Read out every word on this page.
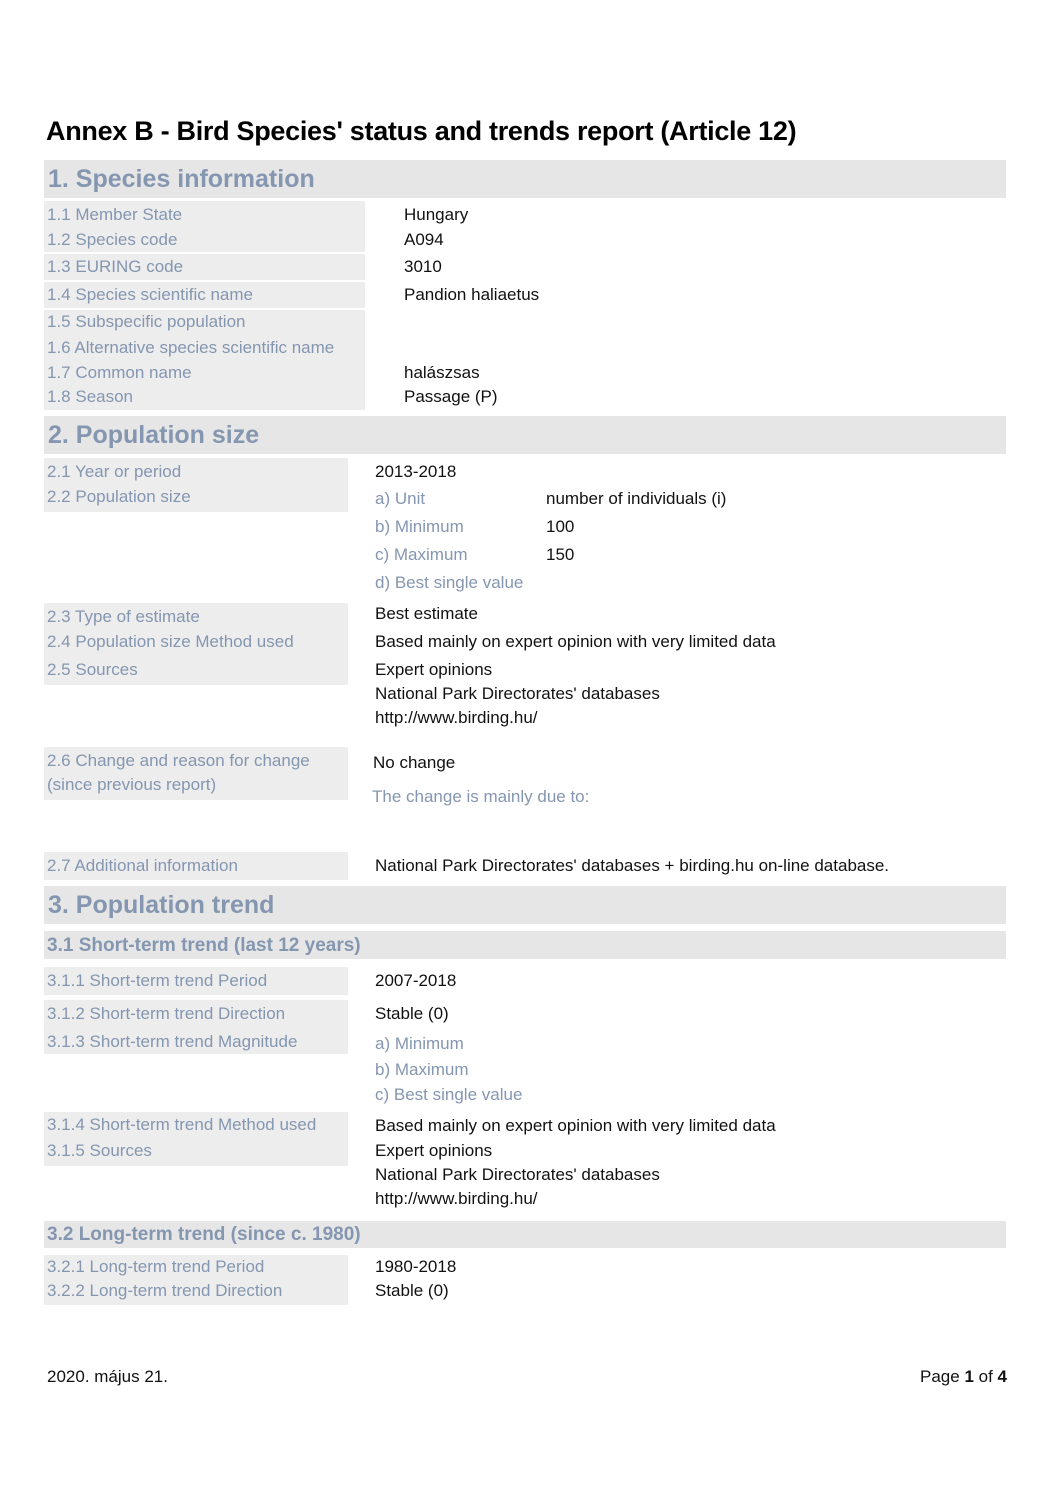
Annex B - Bird Species' status and trends report (Article 12)
1. Species information
1.1 Member State
1.2 Species code
1.3 EURING code
1.4 Species scientific name
1.5 Subspecific population
1.6 Alternative species scientific name
1.7 Common name
1.8 Season
Hungary
A094
3010
Pandion haliaetus
halászsas
Passage (P)
2. Population size
2.1 Year or period
2.2 Population size
2.3 Type of estimate
2.4 Population size Method used
2.5 Sources
2.6 Change and reason for change
(since previous report)
2.7 Additional information
2013-2018
a) Unit
b) Minimum
c) Maximum
d) Best single value
number of individuals (i)
100
150
Best estimate
Based mainly on expert opinion with very limited data
Expert opinions
National Park Directorates' databases
http://www.birding.hu/
No change
The change is mainly due to:
National Park Directorates' databases + birding.hu on-line database.
3. Population trend
3.1 Short-term trend (last 12 years)
3.1.1 Short-term trend Period
3.1.2 Short-term trend Direction
3.1.3 Short-term trend Magnitude
3.1.4 Short-term trend Method used
3.1.5 Sources
2007-2018
Stable (0)
a) Minimum
b) Maximum
c) Best single value
Based mainly on expert opinion with very limited data
Expert opinions
National Park Directorates' databases
http://www.birding.hu/
3.2 Long-term trend (since c. 1980)
3.2.1 Long-term trend Period
3.2.2 Long-term trend Direction
1980-2018
Stable (0)
2020. május 21.	Page 1 of 4
